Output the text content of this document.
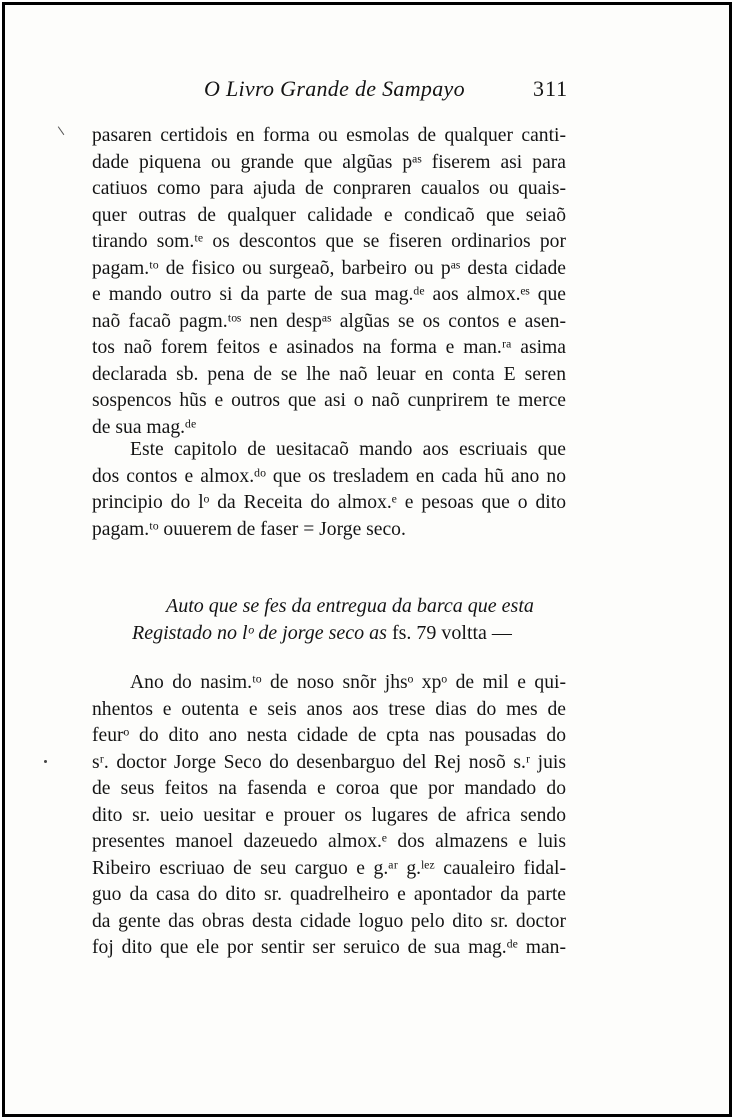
O Livro Grande de Sampayo	311
pasaren certidois en forma ou esmolas de qualquer canti-
dade piquena ou grande que algũas pᵃˢ fiserem asi para
catiuos como para ajuda de conpraren caualos ou quais-
quer outras de qualquer calidade e condicaõ que seiaõ
tirando som.ᵗᵉ os descontos que se fiseren ordinarios por
pagam.ᵗᵒ de fisico ou surgeaõ, barbeiro ou pᵃˢ desta cidade
e mando outro si da parte de sua mag.ᵈᵉ aos almox.ᵉˢ que
naõ facaõ pagm.ᵗᵒˢ nen despᵃˢ algũas se os contos e asen-
tos naõ forem feitos e asinados na forma e man.ʳᵃ asima
declarada sb. pena de se lhe naõ leuar en conta E seren
sospencos hũs e outros que asi o naõ cunprirem te merce
de sua mag.ᵈᵉ
Este capitolo de uesitacaõ mando aos escriuais que
dos contos e almox.ᵈᵒ que os tresladem en cada hũ ano no
principio do lᵒ da Receita do almox.ᵉ e pesoas que o dito
pagam.ᵗᵒ ouuerem de faser = Jorge seco.
Auto que se fes da entregua da barca que esta
Registado no lᵒ de jorge seco as fs. 79 voltta —
Ano do nasim.ᵗᵒ de noso snõr jhsᵒ xpᵒ de mil e qui-
nhentos e outenta e seis anos aos trese dias do mes de
feurᵒ do dito ano nesta cidade de cpta nas pousadas do
sʳ. doctor Jorge Seco do desenbarguo del Rej nosõ s.ʳ juis
de seus feitos na fasenda e coroa que por mandado do
dito sr. ueio uesitar e prouer os lugares de africa sendo
presentes manoel dazeuedo almox.ᵉ dos almazens e luis
Ribeiro escriuao de seu carguo e g.ᵃʳ g.ˡᵉᶻ caualeiro fidal-
guo da casa do dito sr. quadrelheiro e apontador da parte
da gente das obras desta cidade loguo pelo dito sr. doctor
foj dito que ele por sentir ser seruico de sua mag.ᵈᵉ man-
